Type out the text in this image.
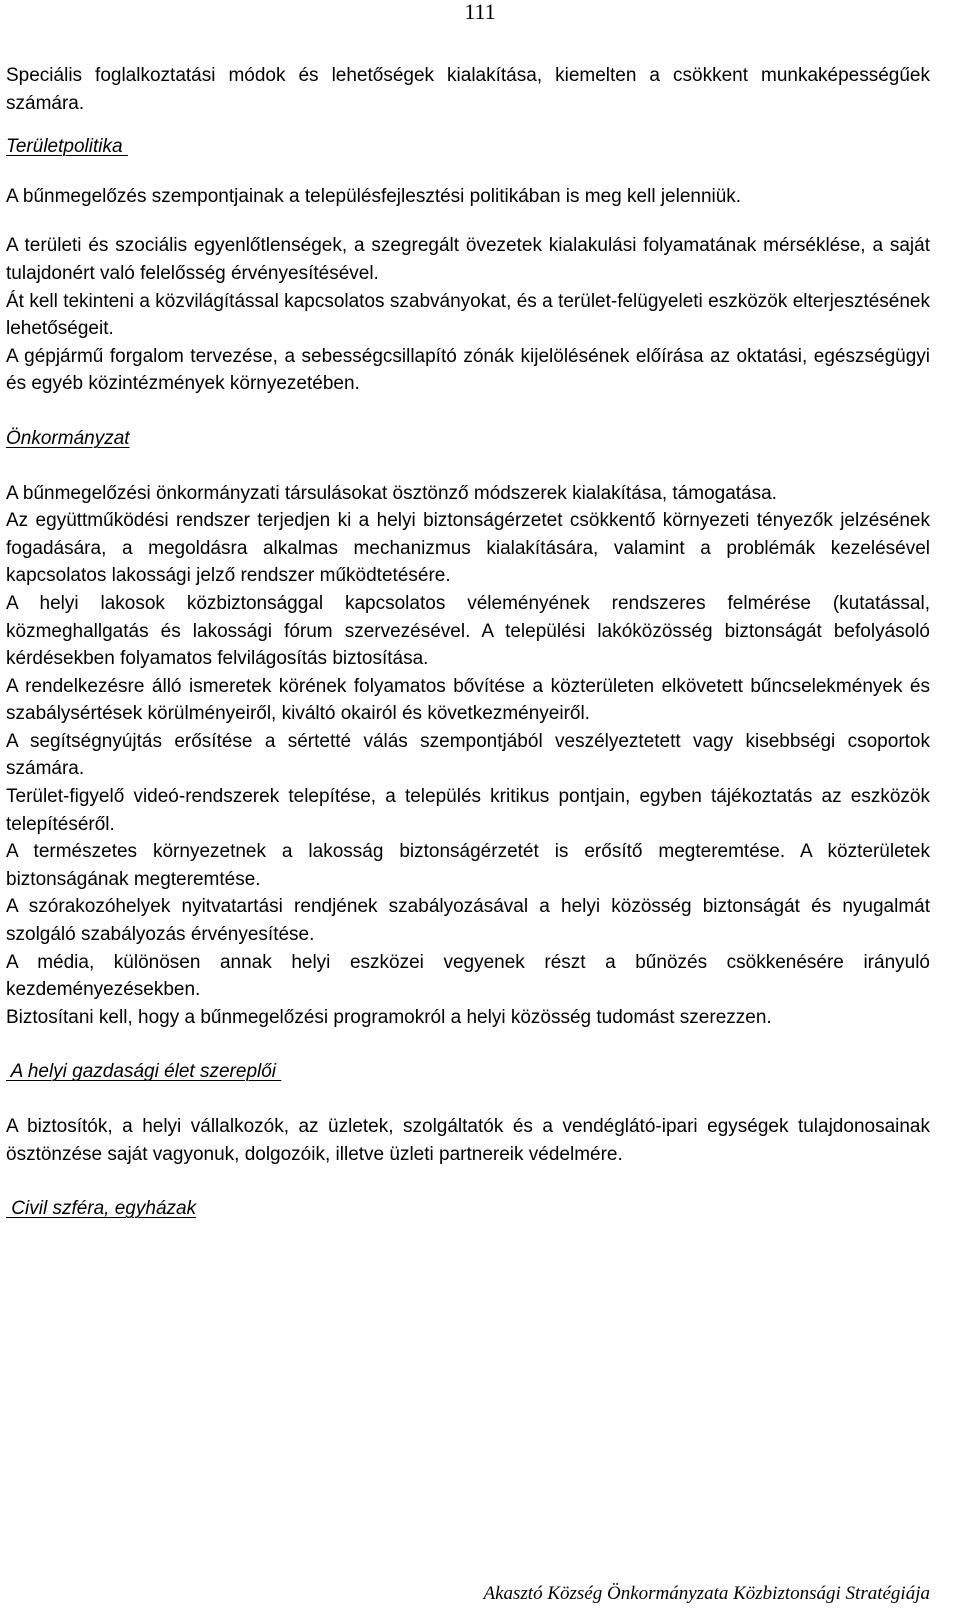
111

Speciális foglalkoztatási módok és lehetőségek kialakítása, kiemelten a csökkent munkaképességűek számára.

Területpolitika

A bűnmegelőzés szempontjainak a településfejlesztési politikában is meg kell jelenniük.

A területi és szociális egyenlőtlenségek, a szegregált övezetek kialakulási folyamatának mérséklése, a saját tulajdonért való felelősség érvényesítésével.

Át kell tekinteni a közvilágítással kapcsolatos szabványokat, és a terület-felügyeleti eszközök elterjesztésének lehetőségeit.

A gépjármű forgalom tervezése, a sebességcsillapító zónák kijelölésének előírása az oktatási, egészségügyi és egyéb közintézmények környezetében.

Önkormányzat

A bűnmegelőzési önkormányzati társulásokat ösztönző módszerek kialakítása, támogatása.

Az együttműködési rendszer terjedjen ki a helyi biztonságérzetet csökkentő környezeti tényezők jelzésének fogadására, a megoldásra alkalmas mechanizmus kialakítására, valamint a problémák kezelésével kapcsolatos lakossági jelző rendszer működtetésére.

A helyi lakosok közbiztonsággal kapcsolatos véleményének rendszeres felmérése (kutatással, közmeghallgatás és lakossági fórum szervezésével. A települési lakóközösség biztonságát befolyásoló kérdésekben folyamatos felvilágosítás biztosítása.

A rendelkezésre álló ismeretek körének folyamatos bővítése a közterületen elkövetett bűncselekmények és szabálysértések körülményeiről, kiváltó okairól és következményeiről.

A segítségnyújtás erősítése a sértetté válás szempontjából veszélyeztetett vagy kisebbségi csoportok számára.

Terület-figyelő videó-rendszerek telepítése, a település kritikus pontjain, egyben tájékoztatás az eszközök telepítéséről.

A természetes környezetnek a lakosság biztonságérzetét is erősítő megteremtése. A közterületek biztonságának megteremtése.

A szórakozóhelyek nyitvatartási rendjének szabályozásával a helyi közösség biztonságát és nyugalmát szolgáló szabályozás érvényesítése.

A média, különösen annak helyi eszközei vegyenek részt a bűnözés csökkenésére irányuló kezdeményezésekben.

Biztosítani kell, hogy a bűnmegelőzési programokról a helyi közösség tudomást szerezzen.

A helyi gazdasági élet szereplői

A biztosítók, a helyi vállalkozók, az üzletek, szolgáltatók és a vendéglátó-ipari egységek tulajdonosainak ösztönzése saját vagyonuk, dolgozóik, illetve üzleti partnereik védelmére.

Civil szféra, egyházak

Akasztó Község Önkormányzata Közbiztonsági Stratégiája
